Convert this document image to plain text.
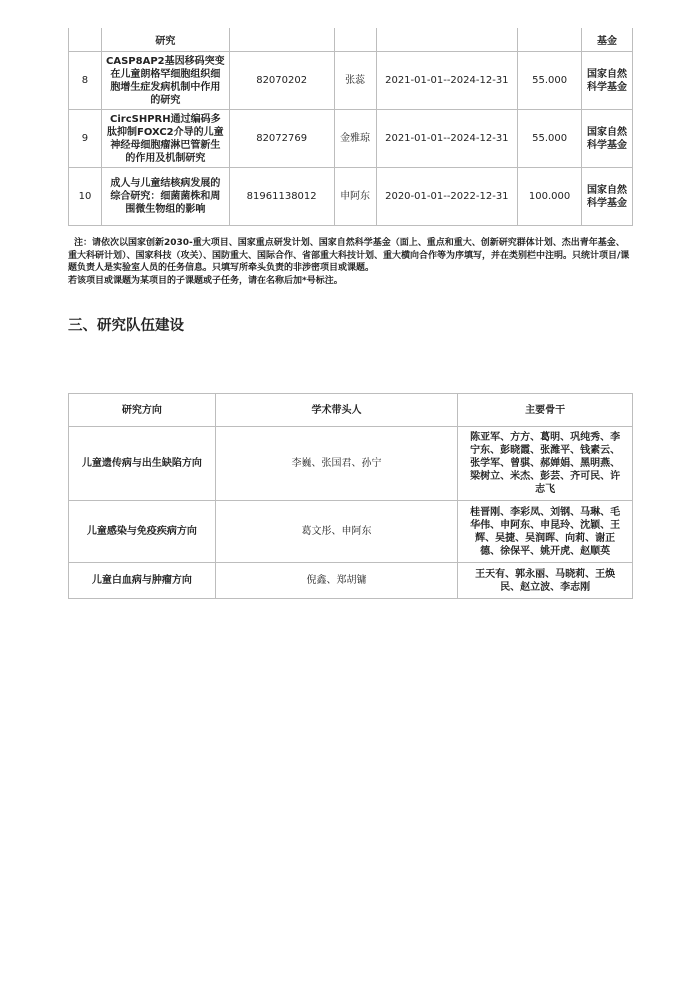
	研究					基金
8	CASP8AP2基因移码突变在儿童朗格罕细胞组织细胞增生症发病机制中作用的研究	82070202	张蕊	2021-01-01--2024-12-31	55.000	国家自然科学基金
9	CircSHPRH通过编码多肽抑制FOXC2介导的儿童神经母细胞瘤淋巴管新生的作用及机制研究	82072769	金雅琼	2021-01-01--2024-12-31	55.000	国家自然科学基金
10	成人与儿童结核病发展的综合研究：细菌菌株和周围微生物组的影响	81961138012	申阿东	2020-01-01--2022-12-31	100.000	国家自然科学基金
注：请依次以国家创新2030-重大项目、国家重点研发计划、国家自然科学基金（面上、重点和重大、创新研究群体计划、杰出青年基金、重大科研计划）、国家科技（攻关）、国防重大、国际合作、省部重大科技计划、重大横向合作等为序填写，并在类别栏中注明。只统计项目/课题负责人是实验室人员的任务信息。只填写所牵头负责的非涉密项目或课题。
若该项目或课题为某项目的子课题或子任务，请在名称后加*号标注。
三、研究队伍建设
研究方向	学术带头人	主要骨干
儿童遗传病与出生缺陷方向	李巍、张国君、孙宁	陈亚军、方方、葛明、巩纯秀、李宁东、彭晓霞、张潍平、钱素云、张学军、曾骐、郝婵娟、黑明燕、梁树立、米杰、彭芸、齐可民、许志飞
儿童感染与免疫疾病方向	葛文彤、申阿东	桂晋刚、李彩凤、刘钢、马琳、毛华伟、申阿东、申昆玲、沈颖、王辉、吴捷、吴润晖、向莉、谢正德、徐保平、姚开虎、赵顺英
儿童白血病与肿瘤方向	倪鑫、郑胡镛	王天有、郭永丽、马晓莉、王焕民、赵立波、李志刚
